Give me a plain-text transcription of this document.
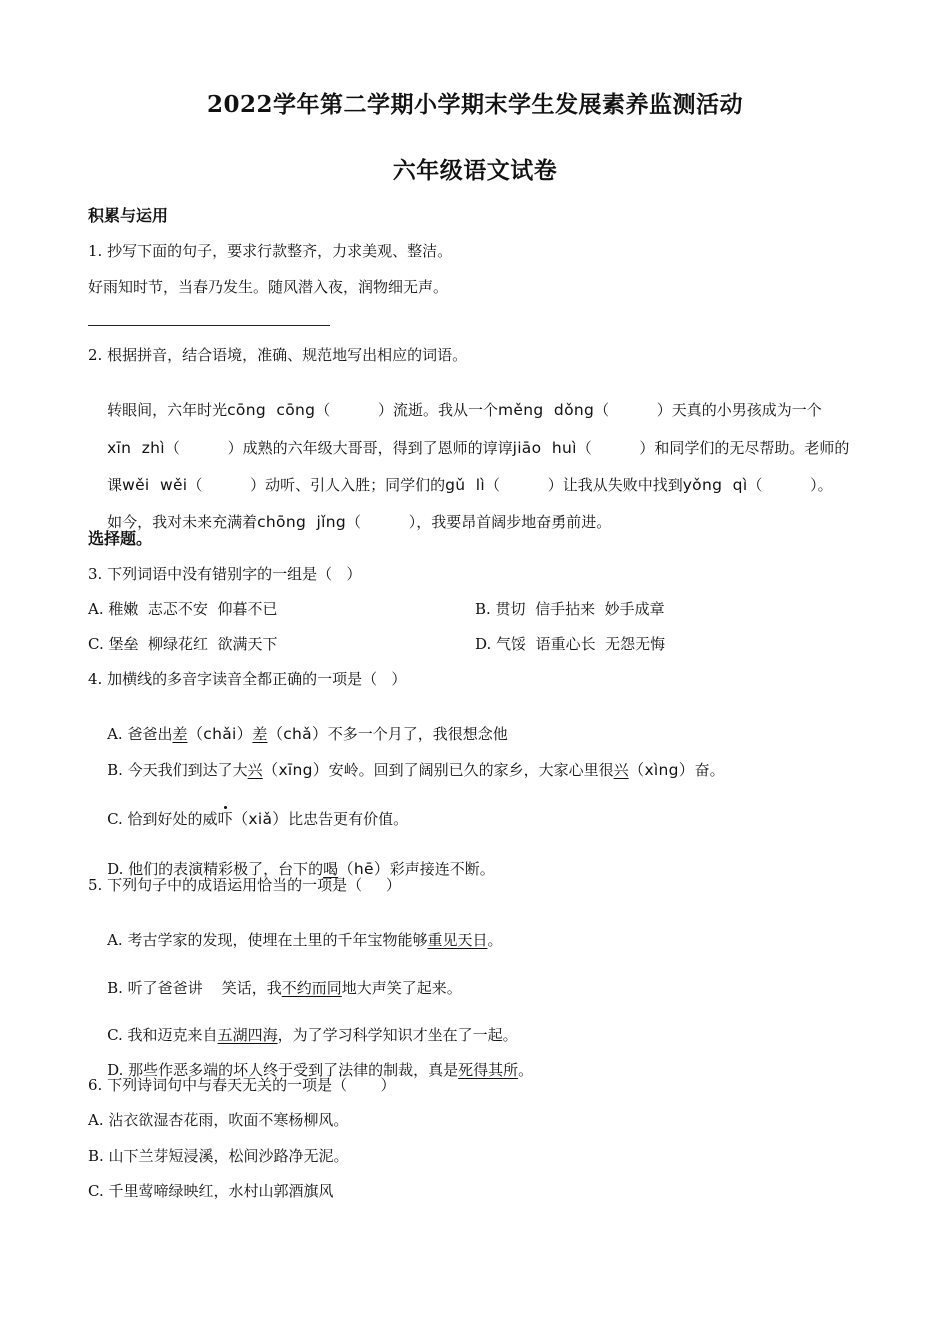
2022学年第二学期小学期末学生发展素养监测活动
六年级语文试卷
积累与运用
1. 抄写下面的句子，要求行款整齐，力求美观、整洁。
好雨知时节，当春乃发生。随风潜入夜，润物细无声。
2. 根据拼音，结合语境，准确、规范地写出相应的词语。

转眼间，六年时光cōng  cōng（          ）流逝。我从一个měng  dǒng（          ）天真的小男孩成为一个

xīn  zhì（          ）成熟的六年级大哥哥，得到了恩师的谆谆jiāo  huì（          ）和同学们的无尽帮助。老师的

课wěi  wěi（          ）动听、引人入胜；同学们的gǔ  lì（          ）让我从失败中找到yǒng  qì（          ）。

如今，我对未来充满着chōng  jǐng（          ），我要昂首阔步地奋勇前进。

选择题。
3. 下列词语中没有错别字的一组是（   ）
A. 稚嫩  志忑不安  仰暮不已	B. 贯切  信手拈来  妙手成章
C. 堡垒  柳绿花红  欲满天下	D. 气馁  语重心长  无怨无悔
4. 加横线的多音字读音全都正确的一项是（   ）

A. 爸爸出差（chǎi）差（chǎ）不多一个月了，我很想念他

B. 今天我们到达了大兴（xīng）安岭。回到了阔别已久的家乡，大家心里很兴（xìng）奋。

C. 恰到好处的威吓（xiǎ）比忠告更有价值。

D. 他们的表演精彩极了，台下的喝（hē）彩声接连不断。

5. 下列句子中的成语运用恰当的一项是（     ）

A. 考古学家的发现，使埋在土里的千年宝物能够重见天日。

B. 听了爸爸讲    笑话，我不约而同地大声笑了起来。

C. 我和迈克来自五湖四海，为了学习科学知识才坐在了一起。

D. 那些作恶多端的坏人终于受到了法律的制裁，真是死得其所。

6. 下列诗词句中与春天无关的一项是（       ）
A. 沾衣欲湿杏花雨，吹面不寒杨柳风。
B. 山下兰芽短浸溪，松间沙路净无泥。
C. 千里莺啼绿映红，水村山郭酒旗风
